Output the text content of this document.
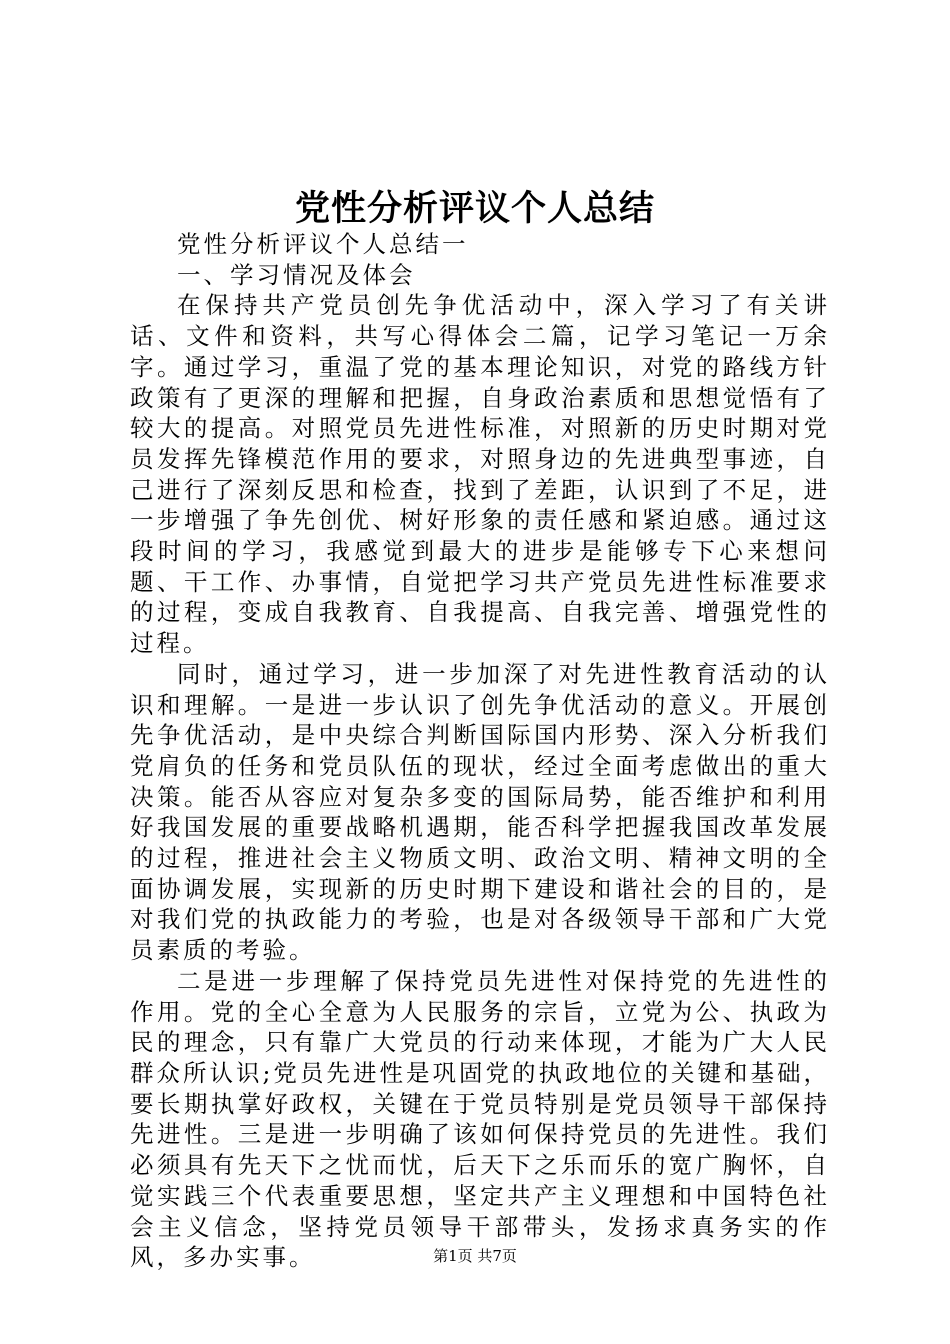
党性分析评议个人总结

党性分析评议个人总结一

一、学习情况及体会

在保持共产党员创先争优活动中，深入学习了有关讲话、文件和资料，共写心得体会二篇，记学习笔记一万余字。通过学习，重温了党的基本理论知识，对党的路线方针政策有了更深的理解和把握，自身政治素质和思想觉悟有了较大的提高。对照党员先进性标准，对照新的历史时期对党员发挥先锋模范作用的要求，对照身边的先进典型事迹，自己进行了深刻反思和检查，找到了差距，认识到了不足，进一步增强了争先创优、树好形象的责任感和紧迫感。通过这段时间的学习，我感觉到最大的进步是能够专下心来想问题、干工作、办事情，自觉把学习共产党员先进性标准要求的过程，变成自我教育、自我提高、自我完善、增强党性的过程。

同时，通过学习，进一步加深了对先进性教育活动的认识和理解。一是进一步认识了创先争优活动的意义。开展创先争优活动，是中央综合判断国际国内形势、深入分析我们党肩负的任务和党员队伍的现状，经过全面考虑做出的重大决策。能否从容应对复杂多变的国际局势，能否维护和利用好我国发展的重要战略机遇期，能否科学把握我国改革发展的过程，推进社会主义物质文明、政治文明、精神文明的全面协调发展，实现新的历史时期下建设和谐社会的目的，是对我们党的执政能力的考验，也是对各级领导干部和广大党员素质的考验。

二是进一步理解了保持党员先进性对保持党的先进性的作用。党的全心全意为人民服务的宗旨，立党为公、执政为民的理念，只有靠广大党员的行动来体现，才能为广大人民群众所认识;党员先进性是巩固党的执政地位的关键和基础，要长期执掌好政权，关键在于党员特别是党员领导干部保持先进性。三是进一步明确了该如何保持党员的先进性。我们必须具有先天下之忧而忧，后天下之乐而乐的宽广胸怀，自觉实践三个代表重要思想，坚定共产主义理想和中国特色社会主义信念，坚持党员领导干部带头，发扬求真务实的作风，多办实事。	第1页 共7页
